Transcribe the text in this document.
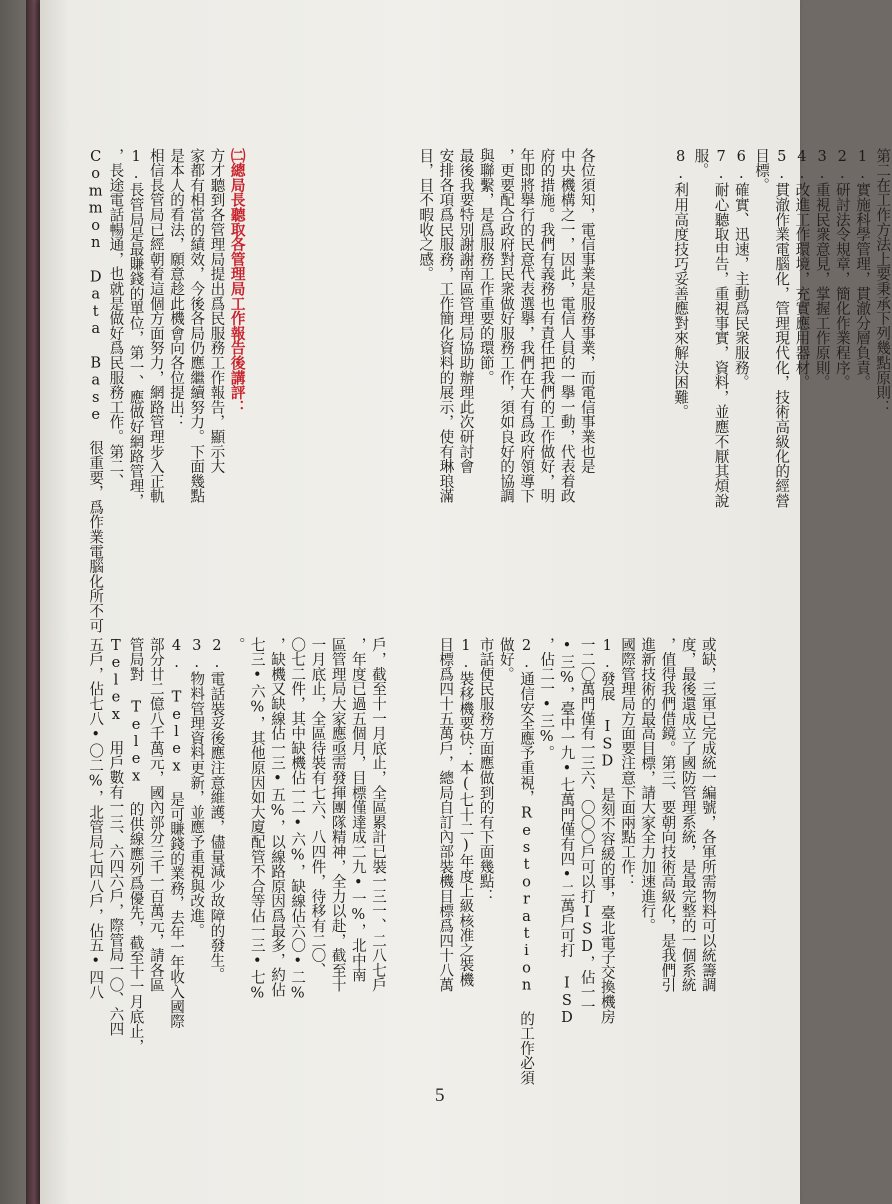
第二在工作方法上要秉承下列幾點原則：

1.實施科學管理，貫澈分層負責。

2.研討法令規章，簡化作業程序。

3.重視民衆意見，掌握工作原則。

4.改進工作環境，充實應用器材。

5.貫澈作業電腦化，管理現代化，技術高級化的經營

目標。

6.確實、迅速，主動爲民衆服務。

7.耐心聽取申告，重視事實，資料，並應不厭其煩說

服。

8.利用高度技巧妥善應對來解決困難。

各位須知，電信事業是服務事業，而電信事業也是

中央機構之一，因此，電信人員的一擧一動，代表着政

府的措施。我們有義務也有責任把我們的工作做好，明

年即將擧行的民意代表選擧，我們在大有爲政府領導下

，更要配合政府對民衆做好服務工作，須如良好的協調

與聯繫，是爲服務工作重要的環節。

最後我要特別謝謝南區管理局協助辦理此次研討會

安排各項爲民服務，工作簡化資料的展示，使有琳琅滿

目，目不暇收之感。

㈡總局長聽取各管理局工作報告後講評：

方才聽到各管理局提出爲民服務工作報告，顯示大

家都有相當的績效，今後各局仍應繼續努力。下面幾點

是本人的看法，願意趁此機會向各位提出：

相信長管局已經朝着這個方面努力，網路管理步入正軌

1.長管局是最賺錢的單位，第一、應做好網路管理，

，長途電話暢通，也就是做好爲民服務工作。第二、

Common Data Base 很重要，爲作業電腦化所不可

或缺，三軍已完成統一編號，各軍所需物料可以統籌調

度，最後還成立了國防管理系統，是最完整的一個系統

，值得我們借鏡。第三、要朝向技術高級化，是我們引

進新技術的最高目標，請大家全力加速進行。

國際管理局方面要注意下面兩點工作：

1.發展 ISD 是刻不容緩的事，臺北電子交換機房

一二〇萬門僅有一三六、〇〇〇戶可以打ISD，佔一一

•三%，臺中一九•七萬門僅有四•二萬戶可打 ISD

，佔二一•三%。

2.通信安全應予重視，Restoration 的工作必須

做好。

市話便民服務方面應做到的有下面幾點：

1.裝移機要快：本(七十二)年度上級核准之裝機

目標爲四十五萬戶，總局自訂內部裝機目標爲四十八萬

戶，截至十一月底止，全區累計已裝一三一、二八七戶

，年度已過五個月，目標僅達成二九•一%，北中南

區管理局大家應亟需發揮團隊精神，全力以赴，截至十

一月底止，全區待裝有七六、八四件，待移有二〇、

〇七二件，其中缺機佔一二•六%，缺線佔六〇•二%

，缺機又缺線佔一三•五%，以線路原因爲最多，約佔

七三•六%，其他原因如大廈配管不合等佔一三•七%

。

2.電話裝妥後應注意維護，儘量減少故障的發生。

3.物料管理資料更新，並應予重視與改進。

4. Telex 是可賺錢的業務，去年一年收入國際

部分廿二億八千萬元，國內部分三千一百萬元，請各區

管局對 Telex 的供線應列爲優先，截至十一月底止，

Telex 用戶數有一三、六四六戶，際管局一〇、六四

五戶，佔七八•〇二%，北管局七四八戶，佔五•四八

5
